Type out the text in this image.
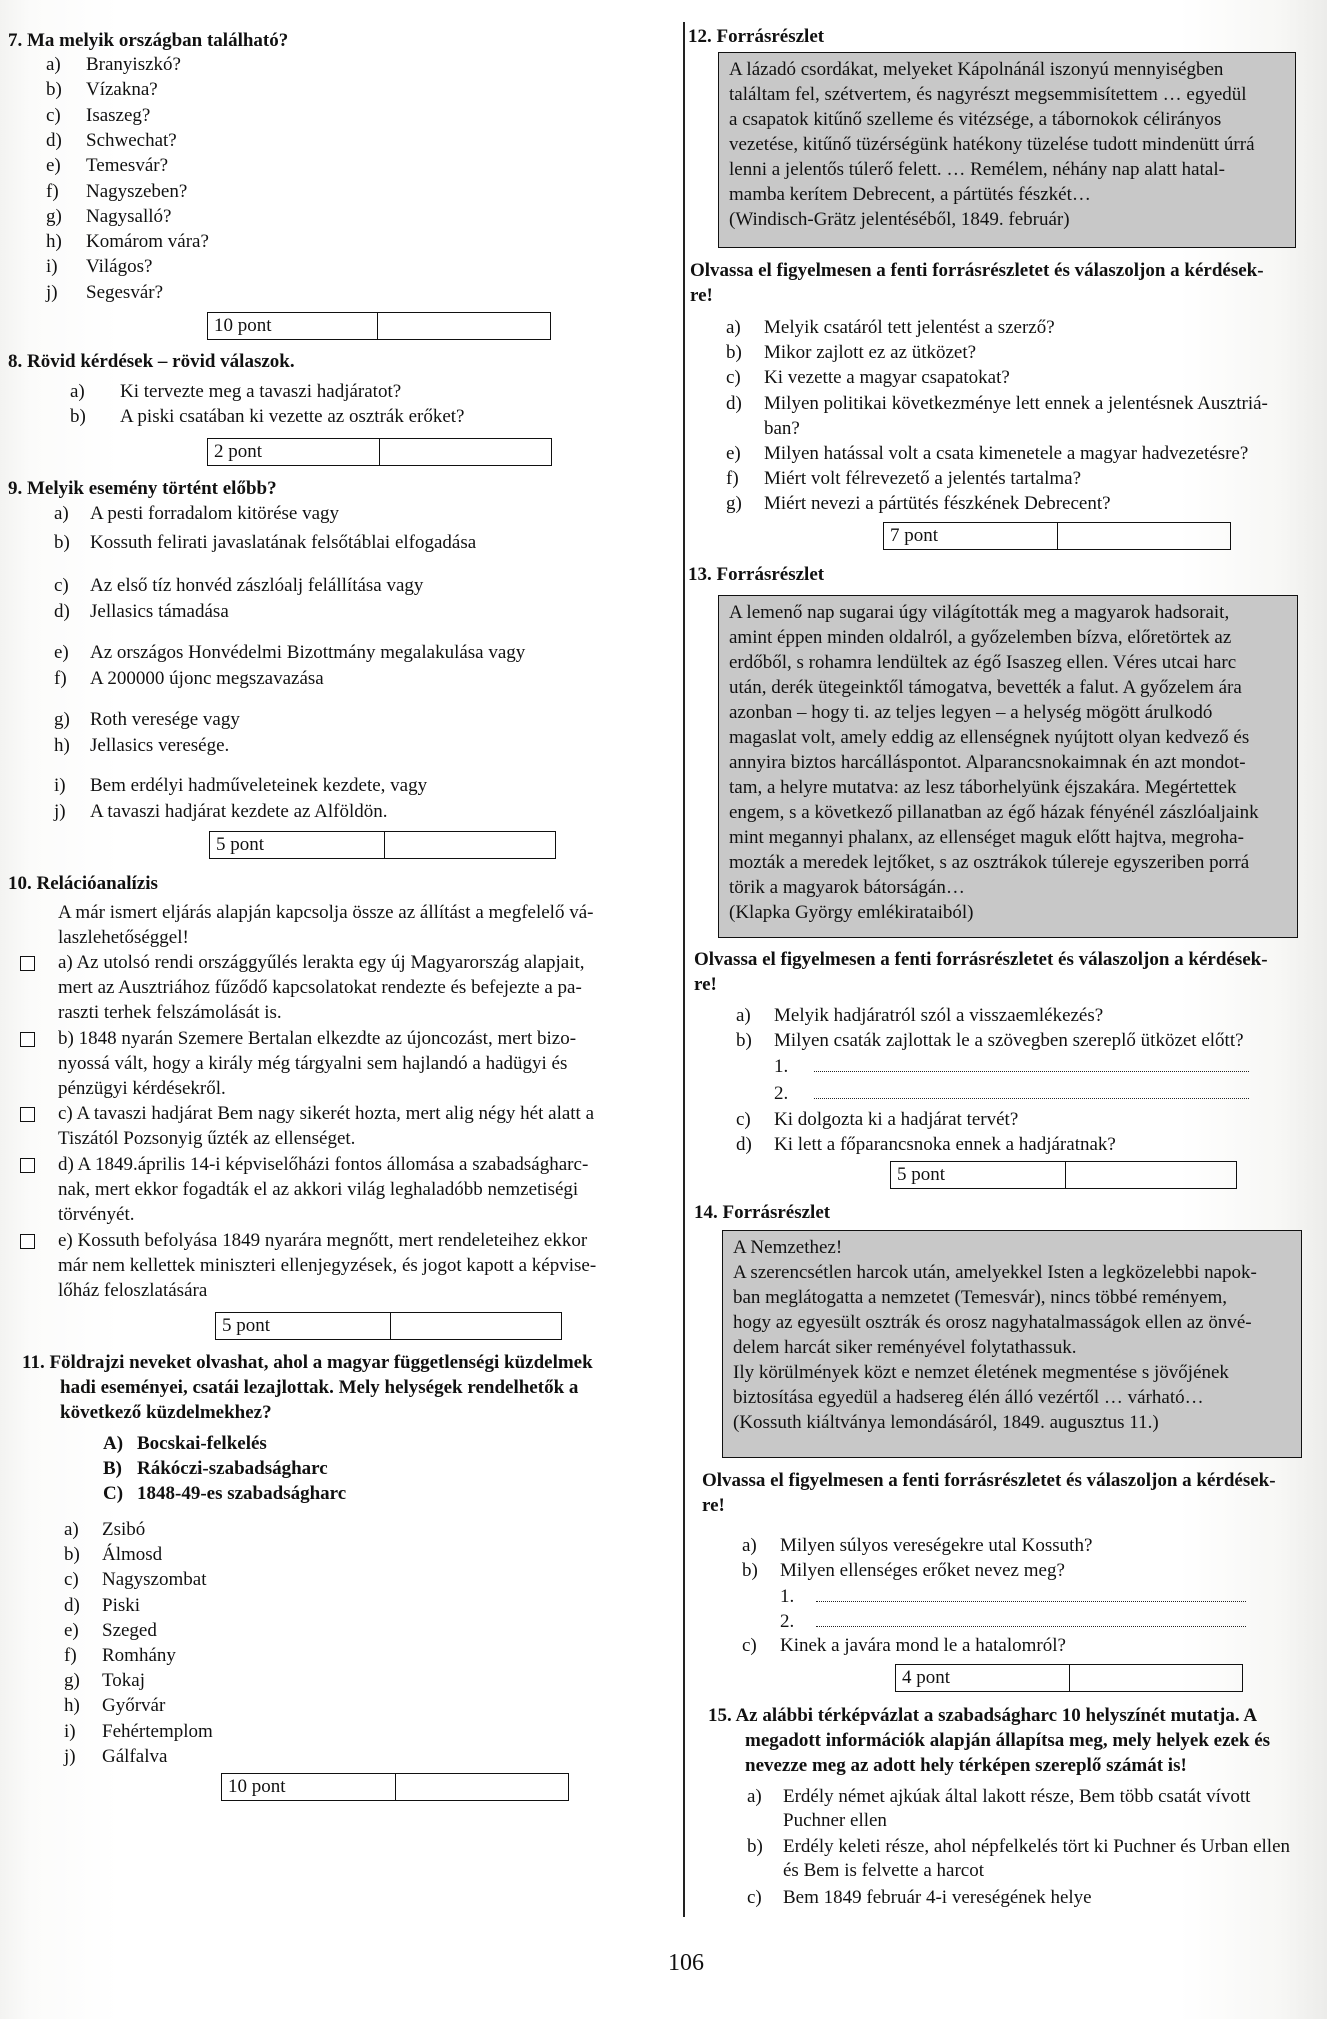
7. Ma melyik országban található?
a) Branyiszkó?
b) Vízakna?
c) Isaszeg?
d) Schwechat?
e) Temesvár?
f) Nagyszeben?
g) Nagysalló?
h) Komárom vára?
i) Világos?
j) Segesvár?
10 pont
8. Rövid kérdések – rövid válaszok.
a) Ki tervezte meg a tavaszi hadjáratot?
b) A piski csatában ki vezette az osztrák erőket?
2 pont
9. Melyik esemény történt előbb?
a) A pesti forradalom kitörése vagy
b) Kossuth felirati javaslatának felsőtáblai elfogadása
c) Az első tíz honvéd zászlóalj felállítása vagy
d) Jellasics támadása
e) Az országos Honvédelmi Bizottmány megalakulása vagy
f) A 200000 újonc megszavazása
g) Roth veresége vagy
h) Jellasics veresége.
i) Bem erdélyi hadműveleteinek kezdete, vagy
j) A tavaszi hadjárat kezdete az Alföldön.
5 pont
10. Relációanalízis
A már ismert eljárás alapján kapcsolja össze az állítást a megfelelő vá-
laszlehetőséggel!
a) Az utolsó rendi országgyűlés lerakta egy új Magyarország alapjait,
mert az Ausztriához fűződő kapcsolatokat rendezte és befejezte a pa-
raszti terhek felszámolását is.
b) 1848 nyarán Szemere Bertalan elkezdte az újoncozást, mert bizo-
nyossá vált, hogy a király még tárgyalni sem hajlandó a hadügyi és
pénzügyi kérdésekről.
c) A tavaszi hadjárat Bem nagy sikerét hozta, mert alig négy hét alatt a
Tiszától Pozsonyig űzték az ellenséget.
d) A 1849.április 14-i képviselőházi fontos állomása a szabadságharc-
nak, mert ekkor fogadták el az akkori világ leghaladóbb nemzetiségi
törvényét.
e) Kossuth befolyása 1849 nyarára megnőtt, mert rendeleteihez ekkor
már nem kellettek miniszteri ellenjegyzések, és jogot kapott a képvise-
lőház feloszlatására
5 pont
11. Földrajzi neveket olvashat, ahol a magyar függetlenségi küzdelmek
hadi eseményei, csatái lezajlottak. Mely helységek rendelhetők a
következő küzdelmekhez?
A) Bocskai-felkelés
B) Rákóczi-szabadságharc
C) 1848-49-es szabadságharc
a) Zsibó
b) Álmosd
c) Nagyszombat
d) Piski
e) Szeged
f) Romhány
g) Tokaj
h) Győrvár
i) Fehértemplom
j) Gálfalva
10 pont
12. Forrásrészlet

A lázadó csordákat, melyeket Kápolnánál iszonyú mennyiségben

találtam fel, szétvertem, és nagyrészt megsemmisítettem … egyedül

a csapatok kitűnő szelleme és vitézsége, a tábornokok célirányos

vezetése, kitűnő tüzérségünk hatékony tüzelése tudott mindenütt úrrá

lenni a jelentős túlerő felett. … Remélem, néhány nap alatt hatal-

mamba kerítem Debrecent, a pártütés fészkét…

(Windisch-Grätz jelentéséből, 1849. február)

Olvassa el figyelmesen a fenti forrásrészletet és válaszoljon a kérdések-
re!
a) Melyik csatáról tett jelentést a szerző?
b) Mikor zajlott ez az ütközet?
c) Ki vezette a magyar csapatokat?
d) Milyen politikai következménye lett ennek a jelentésnek Ausztriá-
ban?
e) Milyen hatással volt a csata kimenetele a magyar hadvezetésre?
f) Miért volt félrevezető a jelentés tartalma?
g) Miért nevezi a pártütés fészkének Debrecent?
7 pont
13. Forrásrészlet

A lemenő nap sugarai úgy világították meg a magyarok hadsorait,

amint éppen minden oldalról, a győzelemben bízva, előretörtek az

erdőből, s rohamra lendültek az égő Isaszeg ellen. Véres utcai harc

után, derék ütegeinktől támogatva, bevették a falut. A győzelem ára

azonban – hogy ti. az teljes legyen – a helység mögött árulkodó

magaslat volt, amely eddig az ellenségnek nyújtott olyan kedvező és

annyira biztos harcálláspontot. Alparancsnokaimnak én azt mondot-

tam, a helyre mutatva: az lesz táborhelyünk éjszakára. Megértettek

engem, s a következő pillanatban az égő házak fényénél zászlóaljaink

mint megannyi phalanx, az ellenséget maguk előtt hajtva, megroha-

mozták a meredek lejtőket, s az osztrákok túlereje egyszeriben porrá

törik a magyarok bátorságán…

(Klapka György emlékirataiból)

Olvassa el figyelmesen a fenti forrásrészletet és válaszoljon a kérdések-
re!
a) Melyik hadjáratról szól a visszaemlékezés?
b) Milyen csaták zajlottak le a szövegben szereplő ütközet előtt?
1.
2.
c) Ki dolgozta ki a hadjárat tervét?
d) Ki lett a főparancsnoka ennek a hadjáratnak?
5 pont
14. Forrásrészlet

A Nemzethez!

A szerencsétlen harcok után, amelyekkel Isten a legközelebbi napok-

ban meglátogatta a nemzetet (Temesvár), nincs többé reményem,

hogy az egyesült osztrák és orosz nagyhatalmasságok ellen az önvé-

delem harcát siker reményével folytathassuk.

Ily körülmények közt e nemzet életének megmentése s jövőjének

biztosítása egyedül a hadsereg élén álló vezértől … várható…

(Kossuth kiáltványa lemondásáról, 1849. augusztus 11.)

Olvassa el figyelmesen a fenti forrásrészletet és válaszoljon a kérdések-
re!
a) Milyen súlyos vereségekre utal Kossuth?
b) Milyen ellenséges erőket nevez meg?
1.
2.
c) Kinek a javára mond le a hatalomról?
4 pont
15. Az alábbi térképvázlat a szabadságharc 10 helyszínét mutatja. A
megadott információk alapján állapítsa meg, mely helyek ezek és
nevezze meg az adott hely térképen szereplő számát is!
a) Erdély német ajkúak által lakott része, Bem több csatát vívott
Puchner ellen
b) Erdély keleti része, ahol népfelkelés tört ki Puchner és Urban ellen
és Bem is felvette a harcot
c) Bem 1849 február 4-i vereségének helye
106
